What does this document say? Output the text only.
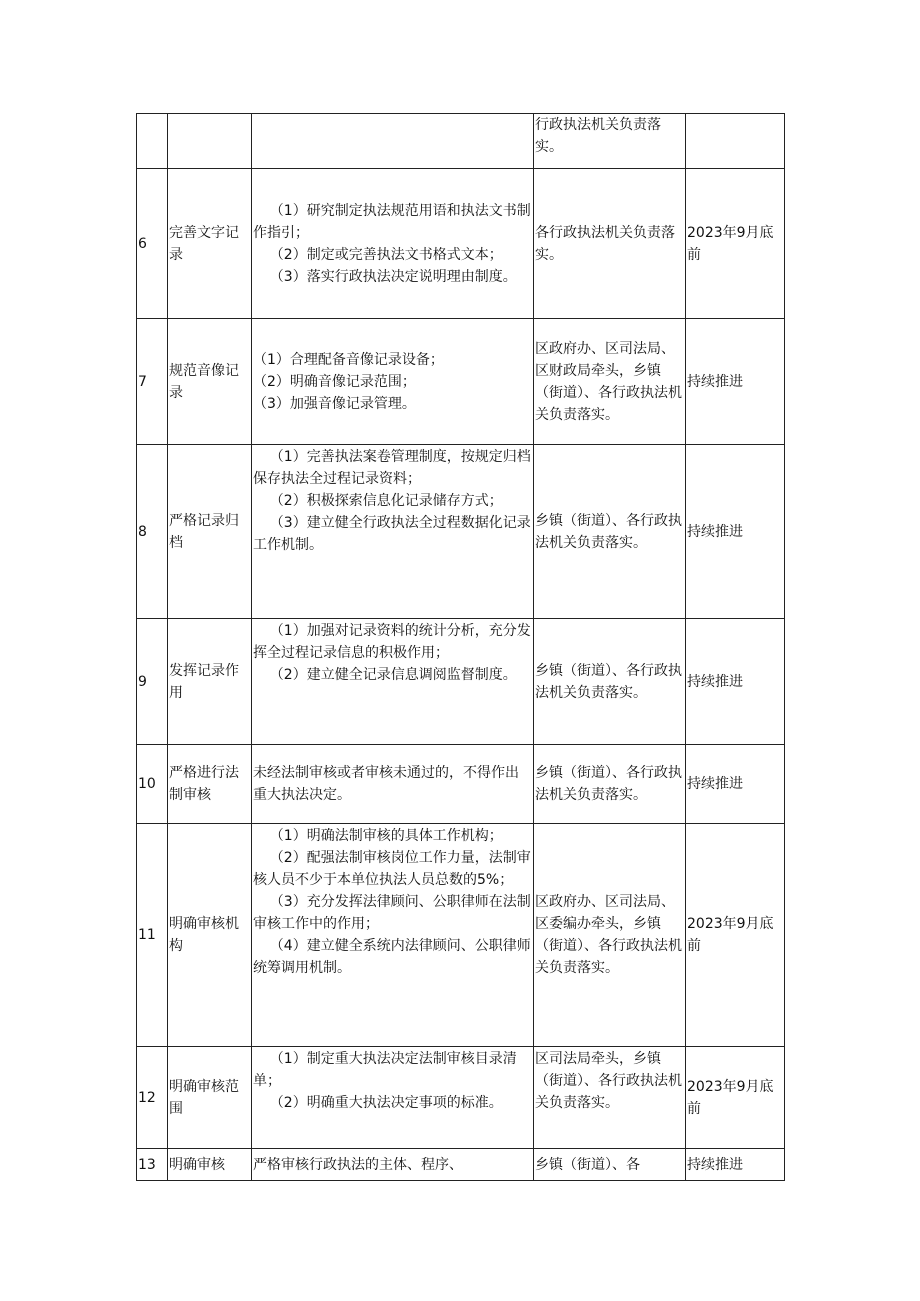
			行政执法机关负责落实。	
6	完善文字记录	（1）研究制定执法规范用语和执法文书制作指引；
（2）制定或完善执法文书格式文本；
（3）落实行政执法决定说明理由制度。	各行政执法机关负责落实。	2023年9月底前
7	规范音像记录	（1）合理配备音像记录设备；
（2）明确音像记录范围；
（3）加强音像记录管理。	区政府办、区司法局、区财政局牵头，乡镇（街道）、各行政执法机关负责落实。	持续推进
8	严格记录归档	（1）完善执法案卷管理制度，按规定归档保存执法全过程记录资料；
（2）积极探索信息化记录储存方式；
（3）建立健全行政执法全过程数据化记录工作机制。	乡镇（街道）、各行政执法机关负责落实。	持续推进
9	发挥记录作用	（1）加强对记录资料的统计分析，充分发挥全过程记录信息的积极作用；
（2）建立健全记录信息调阅监督制度。	乡镇（街道）、各行政执法机关负责落实。	持续推进
10	严格进行法制审核	未经法制审核或者审核未通过的，不得作出重大执法决定。	乡镇（街道）、各行政执法机关负责落实。	持续推进
11	明确审核机构	（1）明确法制审核的具体工作机构；
（2）配强法制审核岗位工作力量，法制审核人员不少于本单位执法人员总数的5%；
（3）充分发挥法律顾问、公职律师在法制审核工作中的作用；
（4）建立健全系统内法律顾问、公职律师统筹调用机制。	区政府办、区司法局、区委编办牵头，乡镇（街道）、各行政执法机关负责落实。	2023年9月底前
12	明确审核范围	（1）制定重大执法决定法制审核目录清单；
（2）明确重大执法决定事项的标准。	区司法局牵头，乡镇（街道）、各行政执法机关负责落实。	2023年9月底前
13	明确审核	严格审核行政执法的主体、程序、	乡镇（街道）、各	持续推进
